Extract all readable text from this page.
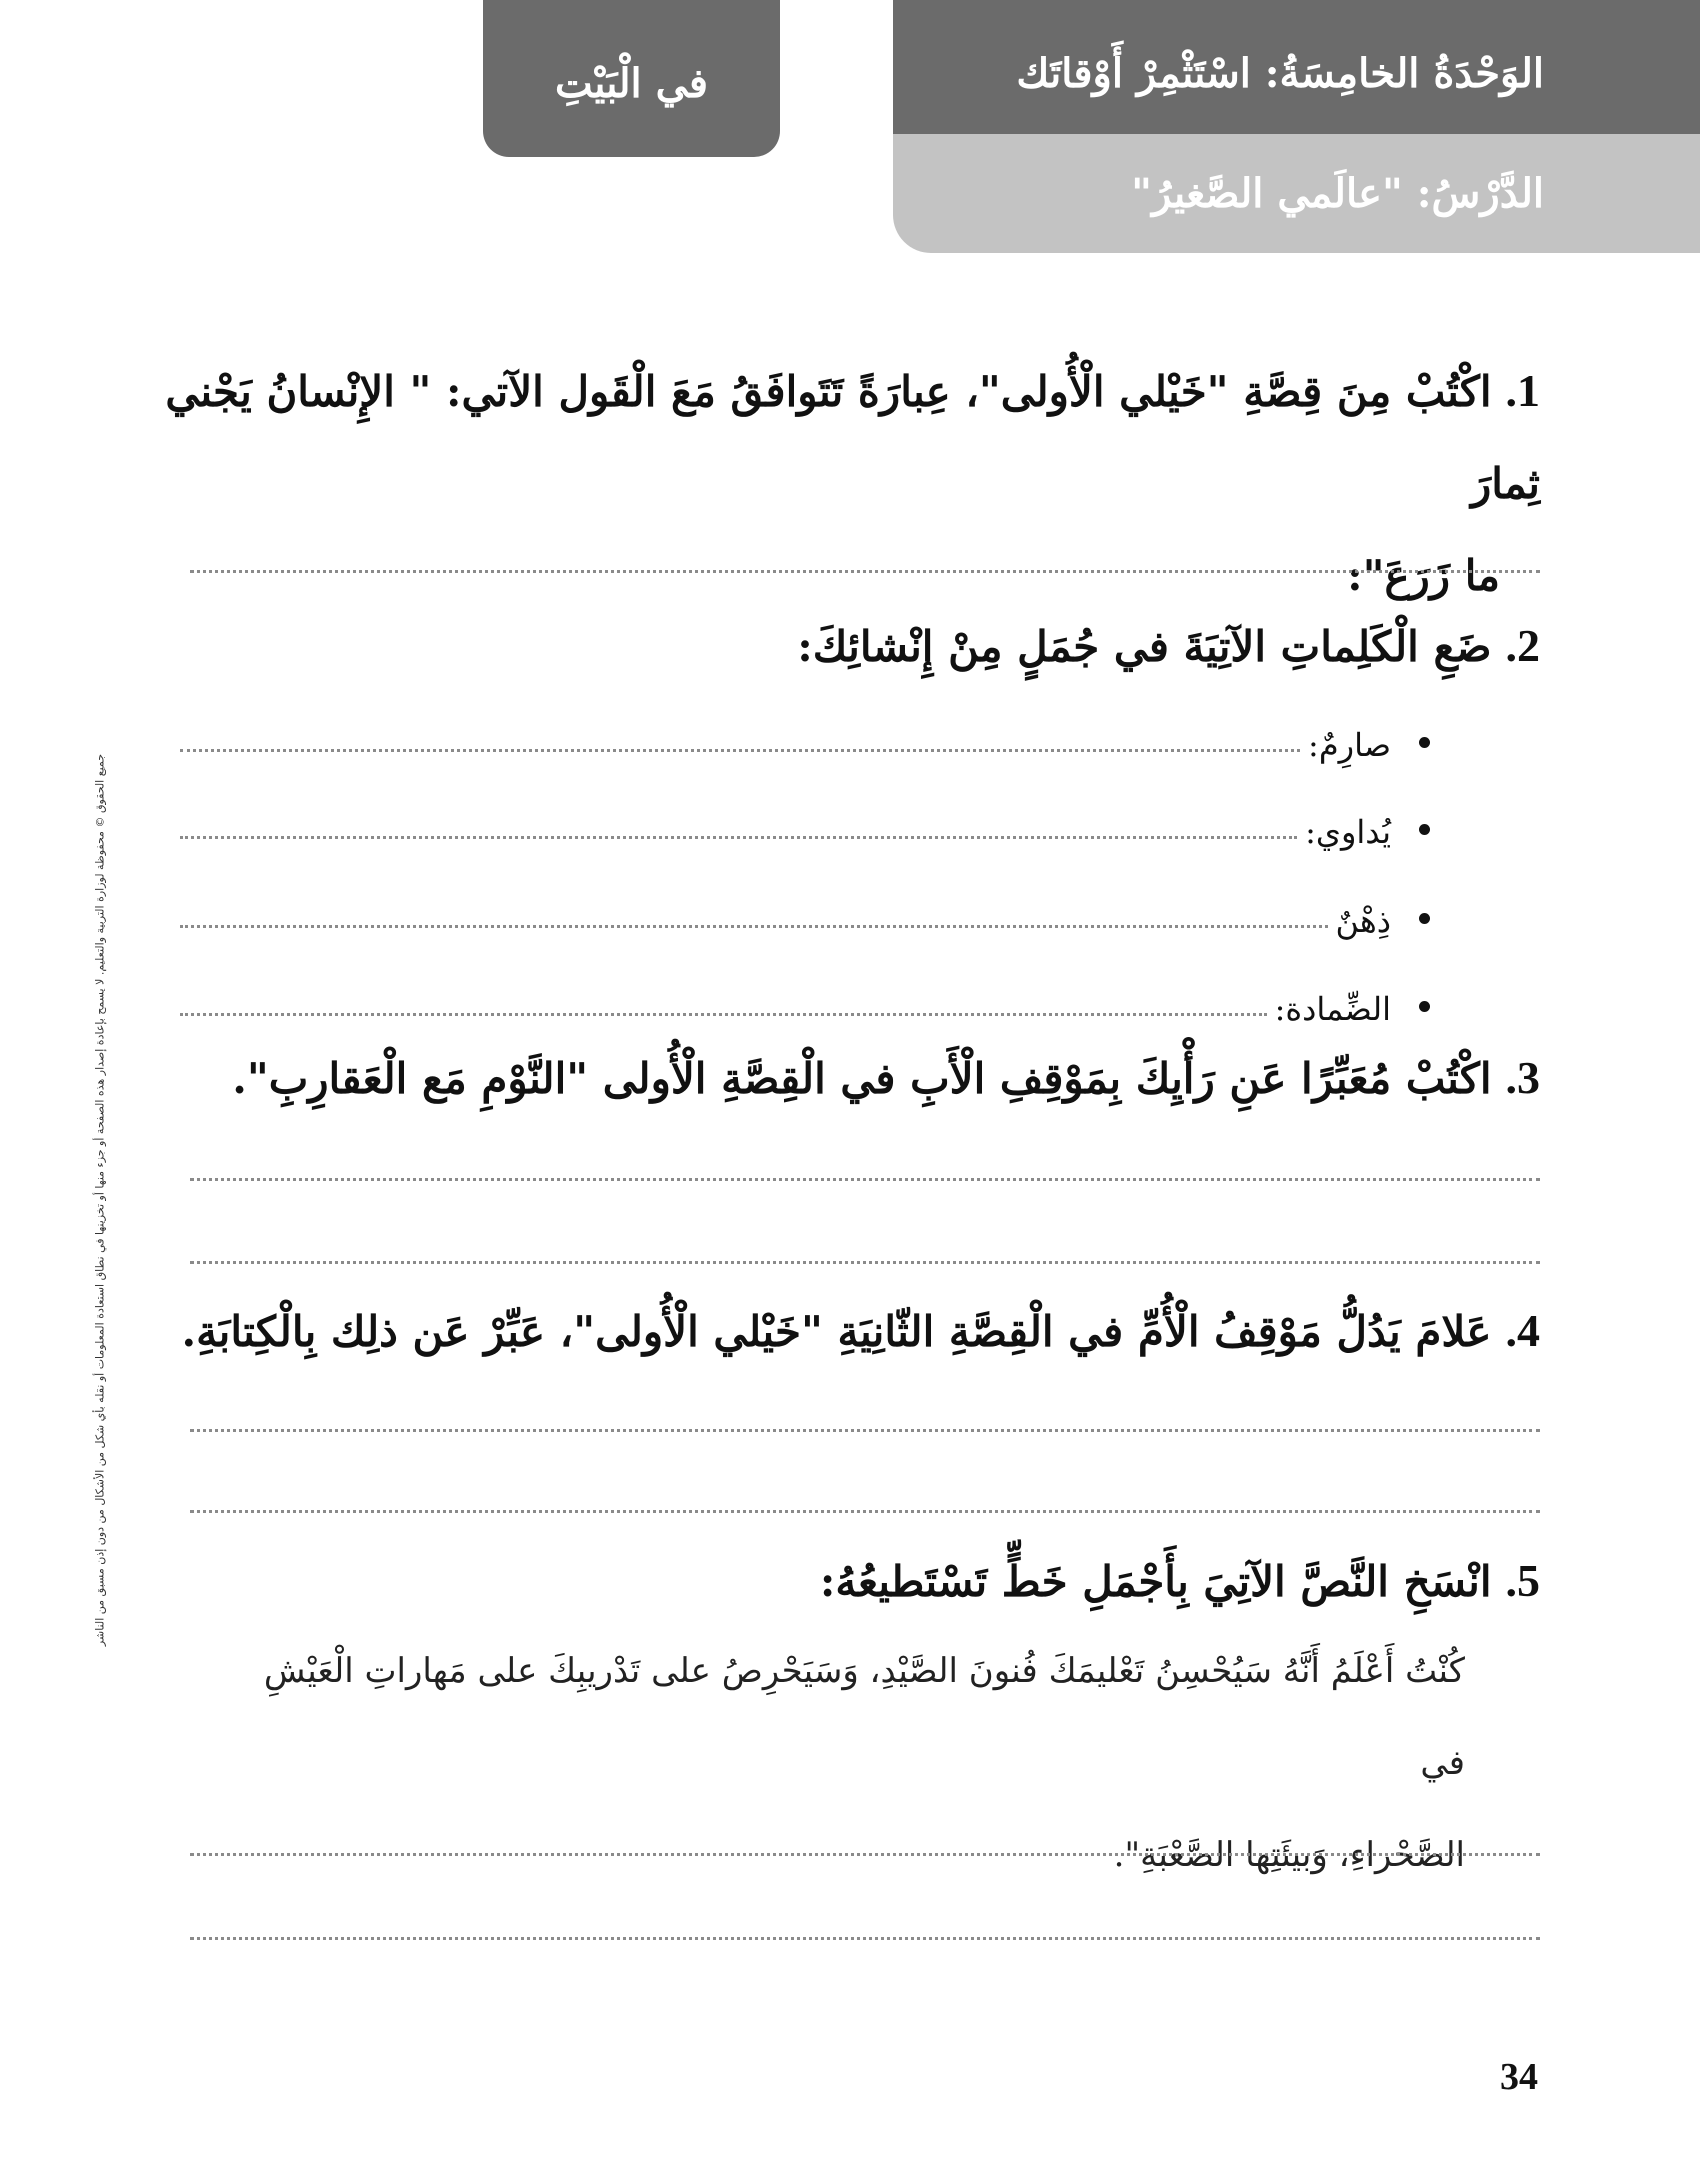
في الْبَيْتِ	الوَحْدَةُ الخامِسَةُ: اسْتَثْمِرْ أَوْقاتَك
الدَّرْسُ: "عالَمي الصَّغيرُ"
جميع الحقوق © محفوظة لوزارة التربية والتعليم. لا يسمح بإعادة إصدار هذه الصفحة أو جزء منها أو تخزينها في نطاق استعادة المعلومات أو نقله بأي شكل من الأشكال من دون إذن مسبق من الناشر
1.اكْتُبْ مِنَ قِصَّةِ "خَيْلي الْأُولى"، عِبارَةً تَتَوافَقُ مَعَ الْقَول الآتي: " الإِنْسانُ يَجْني ثِمارَ
ما زَرَعَ":
2.ضَعِ الْكَلِماتِ الآتِيَةَ في جُمَلٍ مِنْ إِنْشائِكَ:
صارِمٌ:
يُداوي:
ذِهْنٌ
الضِّمادة:
3.اكْتُبْ مُعَبِّرًا عَنِ رَأْيِكَ بِمَوْقِفِ الْأَبِ في الْقِصَّةِ الْأُولى "النَّوْمِ مَع الْعَقارِبِ".
4.عَلامَ يَدُلُّ مَوْقِفُ الْأُمِّ في الْقِصَّةِ الثّانِيَةِ "خَيْلي الْأُولى"، عَبِّرْ عَن ذلِك بِالْكِتابَةِ.
5.انْسَخِ النَّصَّ الآتِيَ بِأَجْمَلِ خَطٍّ تَسْتَطيعُهُ:
كُنْتُ أَعْلَمُ أَنَّهُ سَيُحْسِنُ تَعْليمَكَ فُنونَ الصَّيْدِ، وَسَيَحْرِصُ على تَدْريبِكَ على مَهاراتِ الْعَيْشِ في
الصَّحْراءِ، وَبيئَتِها الصَّعْبَةِ".
34
